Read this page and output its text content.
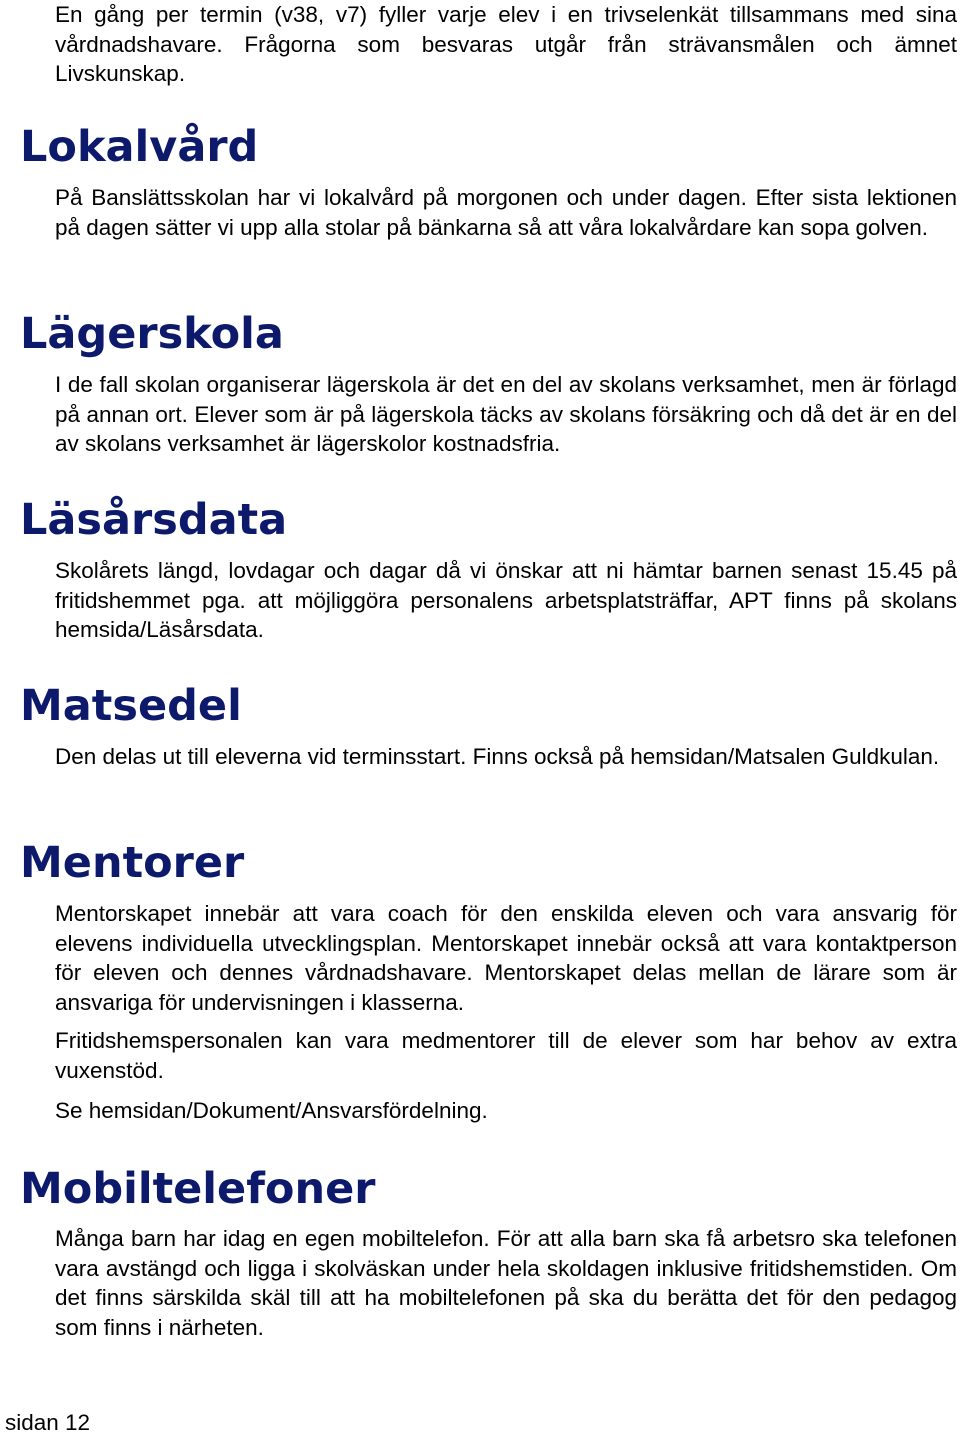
En gång per termin (v38, v7) fyller varje elev i en trivselenkät tillsammans med sina vårdnadshavare. Frågorna som besvaras utgår från strävansmålen och ämnet Livskunskap.

Lokalvård

På Banslättsskolan har vi lokalvård på morgonen och under dagen. Efter sista lektionen på dagen sätter vi upp alla stolar på bänkarna så att våra lokalvårdare kan sopa golven.

Lägerskola

I de fall skolan organiserar lägerskola är det en del av skolans verksamhet, men är förlagd på annan ort. Elever som är på lägerskola täcks av skolans försäkring och då det är en del av skolans verksamhet är lägerskolor kostnadsfria.

Läsårsdata

Skolårets längd, lovdagar och dagar då vi önskar att ni hämtar barnen senast 15.45 på fritidshemmet pga. att möjliggöra personalens arbetsplatsträffar, APT finns på skolans hemsida/Läsårsdata.

Matsedel

Den delas ut till eleverna vid terminsstart. Finns också på hemsidan/Matsalen Guldkulan.

Mentorer

Mentorskapet innebär att vara coach för den enskilda eleven och vara ansvarig för elevens individuella utvecklingsplan. Mentorskapet innebär också att vara kontaktperson för eleven och dennes vårdnadshavare. Mentorskapet delas mellan de lärare som är ansvariga för undervisningen i klasserna.

Fritidshemspersonalen kan vara medmentorer till de elever som har behov av extra vuxenstöd.

Se hemsidan/Dokument/Ansvarsfördelning.

Mobiltelefoner

Många barn har idag en egen mobiltelefon. För att alla barn ska få arbetsro ska telefonen vara avstängd och ligga i skolväskan under hela skoldagen inklusive fritidshemstiden. Om det finns särskilda skäl till att ha mobiltelefonen på ska du berätta det för den pedagog som finns i närheten.

sidan 12
